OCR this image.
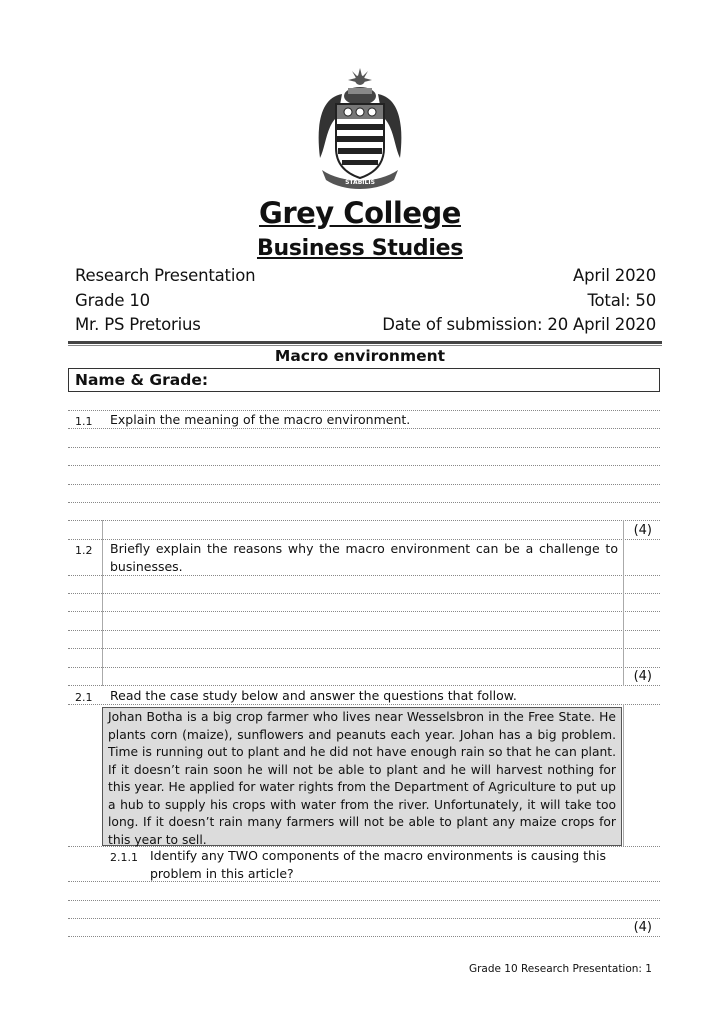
STABILIS
Grey College
Business Studies
Research Presentation
Grade 10
Mr. PS Pretorius
April 2020
Total: 50
Date of submission: 20 April 2020
Macro environment
Name & Grade:
1.1 Explain the meaning of the macro environment.
(4)
1.2 Briefly explain the reasons why the macro environment can be a challenge to businesses.
(4)
2.1 Read the case study below and answer the questions that follow.
Johan Botha is a big crop farmer who lives near Wesselsbron in the Free State. He plants corn (maize), sunflowers and peanuts each year. Johan has a big problem. Time is running out to plant and he did not have enough rain so that he can plant. If it doesn’t rain soon he will not be able to plant and he will harvest nothing for this year. He applied for water rights from the Department of Agriculture to put up a hub to supply his crops with water from the river. Unfortunately, it will take too long. If it doesn’t rain many farmers will not be able to plant any maize crops for this year to sell.
2.1.1 Identify any TWO components of the macro environments is causing this problem in this article?
(4)
Grade 10 Research Presentation: 1
